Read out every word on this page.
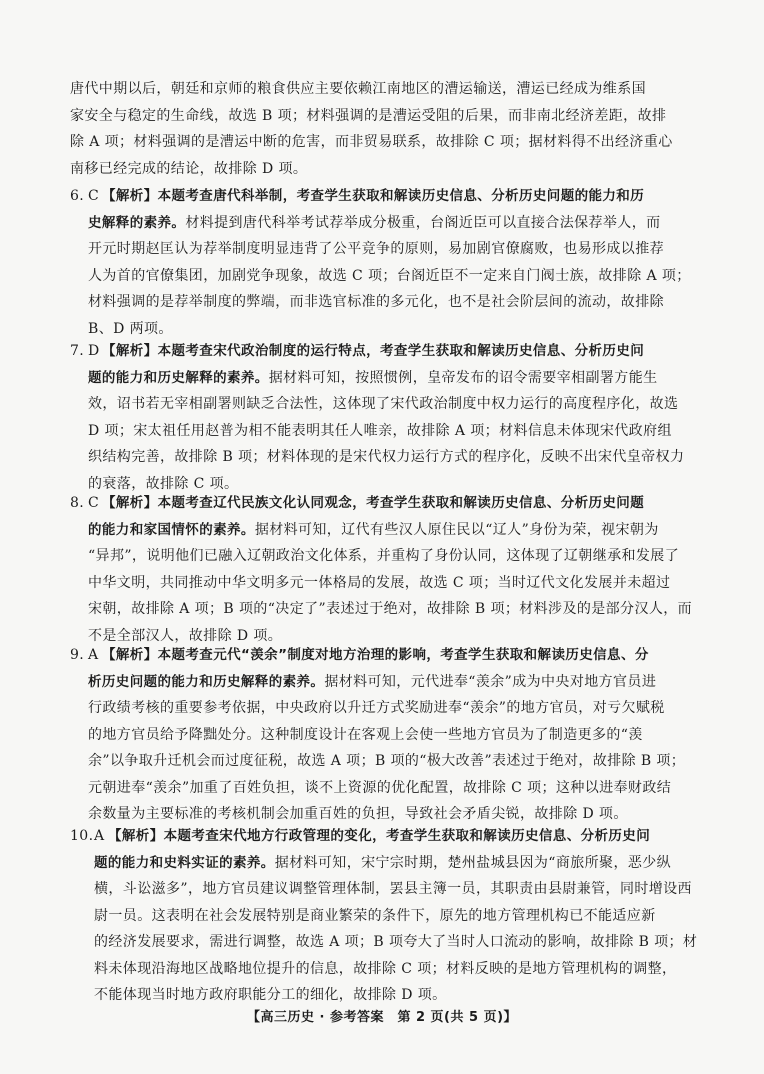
唐代中期以后，朝廷和京师的粮食供应主要依赖江南地区的漕运输送，漕运已经成为维系国
家安全与稳定的生命线，故选 B 项；材料强调的是漕运受阻的后果，而非南北经济差距，故排
除 A 项；材料强调的是漕运中断的危害，而非贸易联系，故排除 C 项；据材料得不出经济重心
南移已经完成的结论，故排除 D 项。
6. C 【解析】本题考查唐代科举制，考查学生获取和解读历史信息、分析历史问题的能力和历
史解释的素养。材料提到唐代科举考试荐举成分极重，台阁近臣可以直接合法保荐举人，而
开元时期赵匡认为荐举制度明显违背了公平竞争的原则，易加剧官僚腐败，也易形成以推荐
人为首的官僚集团，加剧党争现象，故选 C 项；台阁近臣不一定来自门阀士族，故排除 A 项；
材料强调的是荐举制度的弊端，而非选官标准的多元化，也不是社会阶层间的流动，故排除
B、D 两项。
7. D 【解析】本题考查宋代政治制度的运行特点，考查学生获取和解读历史信息、分析历史问
题的能力和历史解释的素养。据材料可知，按照惯例，皇帝发布的诏令需要宰相副署方能生
效，诏书若无宰相副署则缺乏合法性，这体现了宋代政治制度中权力运行的高度程序化，故选
D 项；宋太祖任用赵普为相不能表明其任人唯亲，故排除 A 项；材料信息未体现宋代政府组
织结构完善，故排除 B 项；材料体现的是宋代权力运行方式的程序化，反映不出宋代皇帝权力
的衰落，故排除 C 项。
8. C 【解析】本题考查辽代民族文化认同观念，考查学生获取和解读历史信息、分析历史问题
的能力和家国情怀的素养。据材料可知，辽代有些汉人原住民以“辽人”身份为荣，视宋朝为
“异邦”，说明他们已融入辽朝政治文化体系，并重构了身份认同，这体现了辽朝继承和发展了
中华文明，共同推动中华文明多元一体格局的发展，故选 C 项；当时辽代文化发展并未超过
宋朝，故排除 A 项；B 项的“决定了”表述过于绝对，故排除 B 项；材料涉及的是部分汉人，而
不是全部汉人，故排除 D 项。
9. A 【解析】本题考查元代“羡余”制度对地方治理的影响，考查学生获取和解读历史信息、分
析历史问题的能力和历史解释的素养。据材料可知，元代进奉“羡余”成为中央对地方官员进
行政绩考核的重要参考依据，中央政府以升迁方式奖励进奉“羡余”的地方官员，对亏欠赋税
的地方官员给予降黜处分。这种制度设计在客观上会使一些地方官员为了制造更多的“羡
余”以争取升迁机会而过度征税，故选 A 项；B 项的“极大改善”表述过于绝对，故排除 B 项；
元朝进奉“羡余”加重了百姓负担，谈不上资源的优化配置，故排除 C 项；这种以进奉财政结
余数量为主要标准的考核机制会加重百姓的负担，导致社会矛盾尖锐，故排除 D 项。
10.A 【解析】本题考查宋代地方行政管理的变化，考查学生获取和解读历史信息、分析历史问
题的能力和史料实证的素养。据材料可知，宋宁宗时期，楚州盐城县因为“商旅所聚，恶少纵
横，斗讼滋多”，地方官员建议调整管理体制，罢县主簿一员，其职责由县尉兼管，同时增设西
尉一员。这表明在社会发展特别是商业繁荣的条件下，原先的地方管理机构已不能适应新
的经济发展要求，需进行调整，故选 A 项；B 项夸大了当时人口流动的影响，故排除 B 项；材
料未体现沿海地区战略地位提升的信息，故排除 C 项；材料反映的是地方管理机构的调整，
不能体现当时地方政府职能分工的细化，故排除 D 项。
【高三历史 · 参考答案　第 2 页(共 5 页)】
